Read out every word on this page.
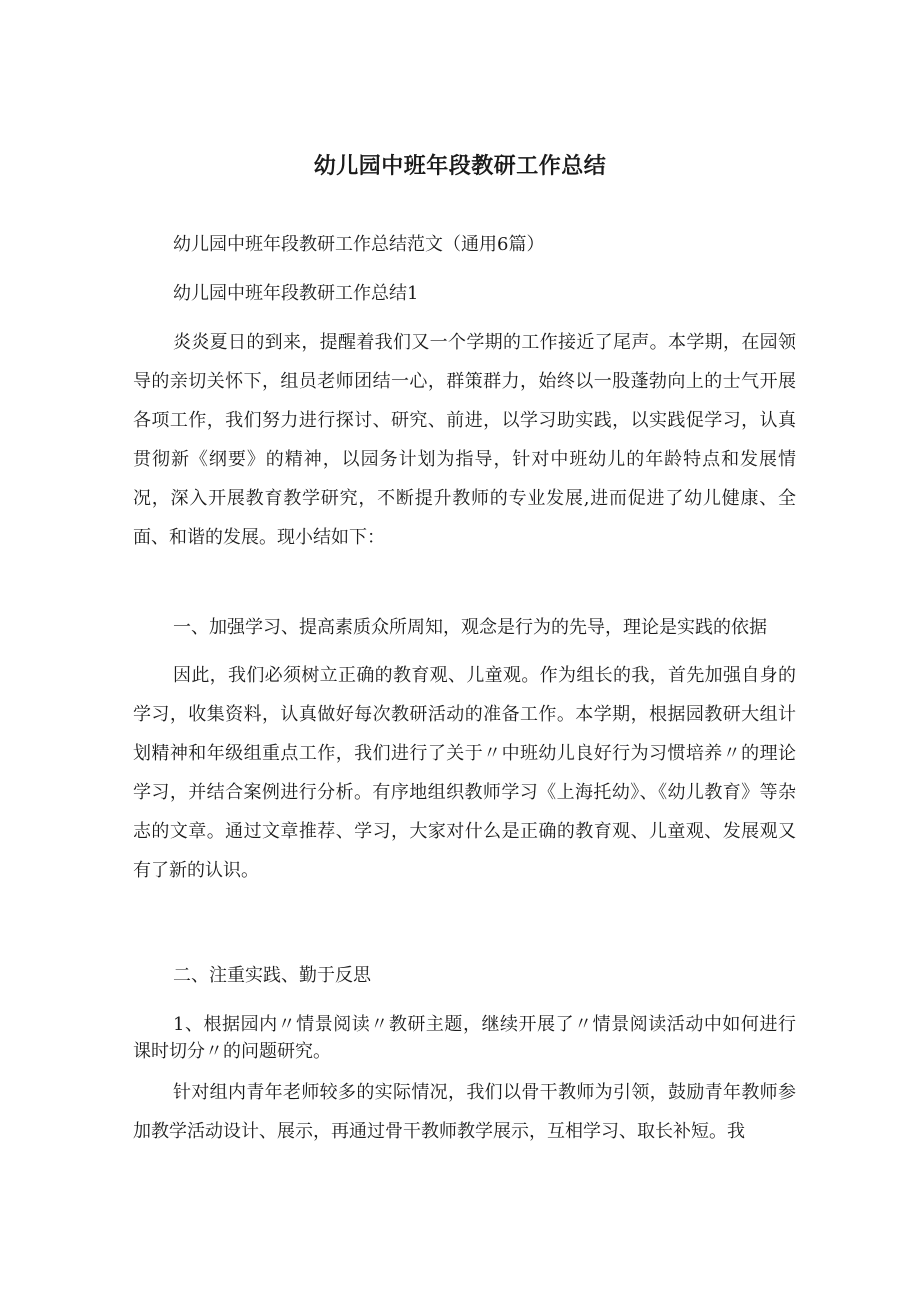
幼儿园中班年段教研工作总结

幼儿园中班年段教研工作总结范文（通用6篇）

幼儿园中班年段教研工作总结1

炎炎夏日的到来，提醒着我们又一个学期的工作接近了尾声。本学期，在园领导的亲切关怀下，组员老师团结一心，群策群力，始终以一股蓬勃向上的士气开展各项工作，我们努力进行探讨、研究、前进，以学习助实践，以实践促学习，认真贯彻新《纲要》的精神，以园务计划为指导，针对中班幼儿的年龄特点和发展情况，深入开展教育教学研究，不断提升教师的专业发展,进而促进了幼儿健康、全面、和谐的发展。现小结如下：

一、加强学习、提高素质众所周知，观念是行为的先导，理论是实践的依据

因此，我们必须树立正确的教育观、儿童观。作为组长的我，首先加强自身的学习，收集资料，认真做好每次教研活动的准备工作。本学期，根据园教研大组计划精神和年级组重点工作，我们进行了关于〃中班幼儿良好行为习惯培养〃的理论学习，并结合案例进行分析。有序地组织教师学习《上海托幼》、《幼儿教育》等杂志的文章。通过文章推荐、学习，大家对什么是正确的教育观、儿童观、发展观又有了新的认识。

二、注重实践、勤于反思

1、根据园内〃情景阅读〃教研主题，继续开展了〃情景阅读活动中如何进行课时切分〃的问题研究。

针对组内青年老师较多的实际情况，我们以骨干教师为引领，鼓励青年教师参加教学活动设计、展示，再通过骨干教师教学展示，互相学习、取长补短。我
